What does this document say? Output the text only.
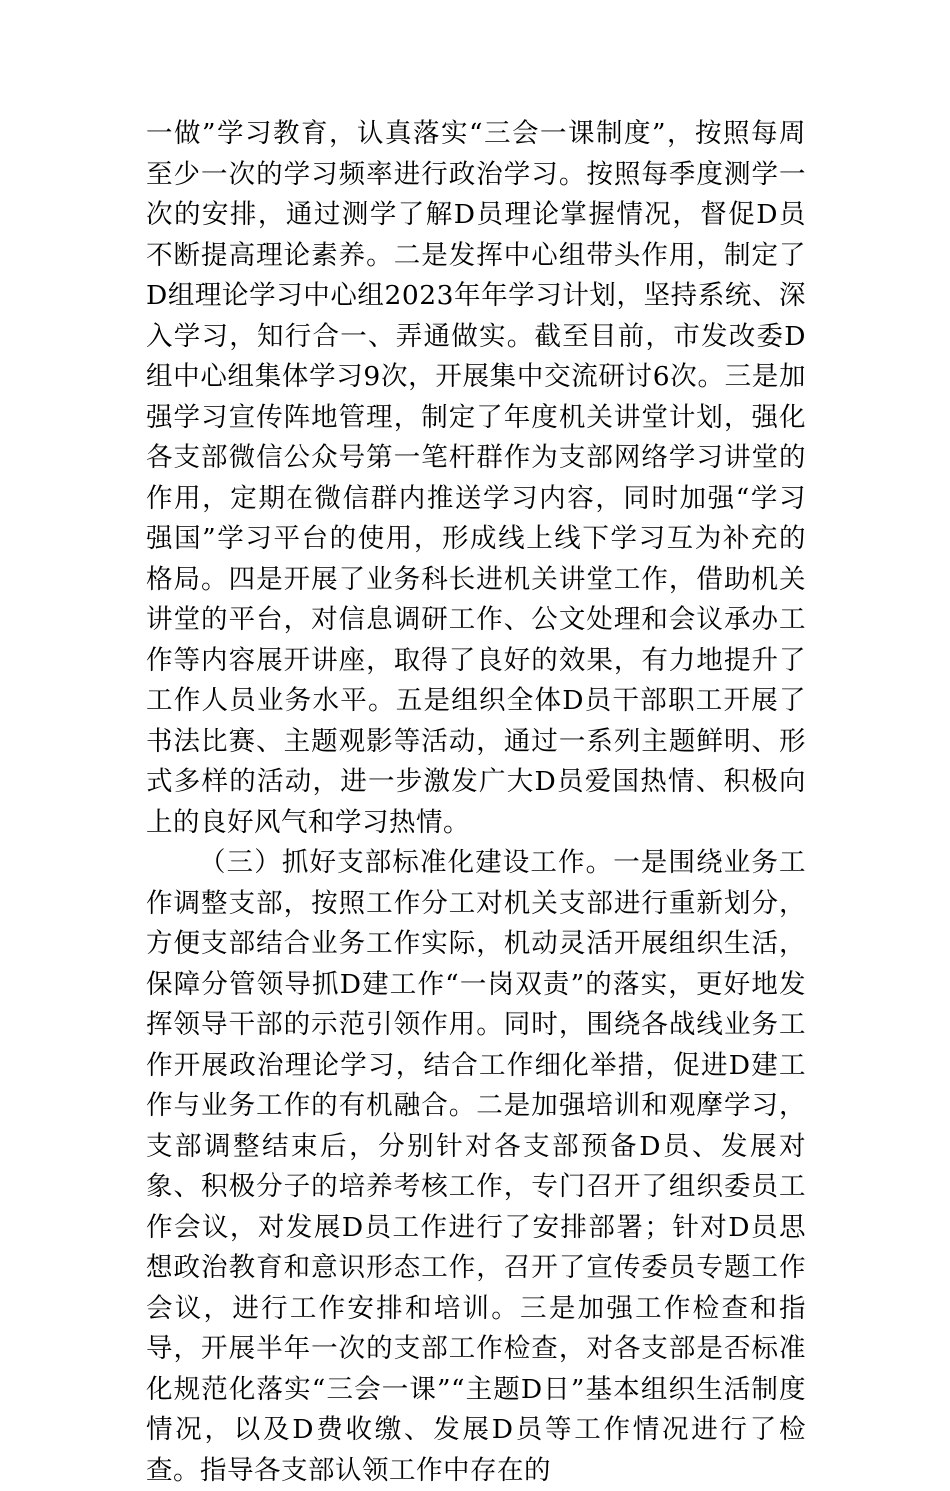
一做”学习教育，认真落实“三会一课制度”，按照每周至少一次的学习频率进行政治学习。按照每季度测学一次的安排，通过测学了解D员理论掌握情况，督促D员不断提高理论素养。二是发挥中心组带头作用，制定了D组理论学习中心组2023年年学习计划，坚持系统、深入学习，知行合一、弄通做实。截至目前，市发改委D组中心组集体学习9次，开展集中交流研讨6次。三是加强学习宣传阵地管理，制定了年度机关讲堂计划，强化各支部微信公众号第一笔杆群作为支部网络学习讲堂的作用，定期在微信群内推送学习内容，同时加强“学习强国”学习平台的使用，形成线上线下学习互为补充的格局。四是开展了业务科长进机关讲堂工作，借助机关讲堂的平台，对信息调研工作、公文处理和会议承办工作等内容展开讲座，取得了良好的效果，有力地提升了工作人员业务水平。五是组织全体D员干部职工开展了书法比赛、主题观影等活动，通过一系列主题鲜明、形式多样的活动，进一步激发广大D员爱国热情、积极向上的良好风气和学习热情。

（三）抓好支部标准化建设工作。一是围绕业务工作调整支部，按照工作分工对机关支部进行重新划分，方便支部结合业务工作实际，机动灵活开展组织生活，保障分管领导抓D建工作“一岗双责”的落实，更好地发挥领导干部的示范引领作用。同时，围绕各战线业务工作开展政治理论学习，结合工作细化举措，促进D建工作与业务工作的有机融合。二是加强培训和观摩学习，支部调整结束后，分别针对各支部预备D员、发展对象、积极分子的培养考核工作，专门召开了组织委员工作会议，对发展D员工作进行了安排部署；针对D员思想政治教育和意识形态工作，召开了宣传委员专题工作会议，进行工作安排和培训。三是加强工作检查和指导，开展半年一次的支部工作检查，对各支部是否标准化规范化落实“三会一课”“主题D日”基本组织生活制度情况，以及D费收缴、发展D员等工作情况进行了检查。指导各支部认领工作中存在的
